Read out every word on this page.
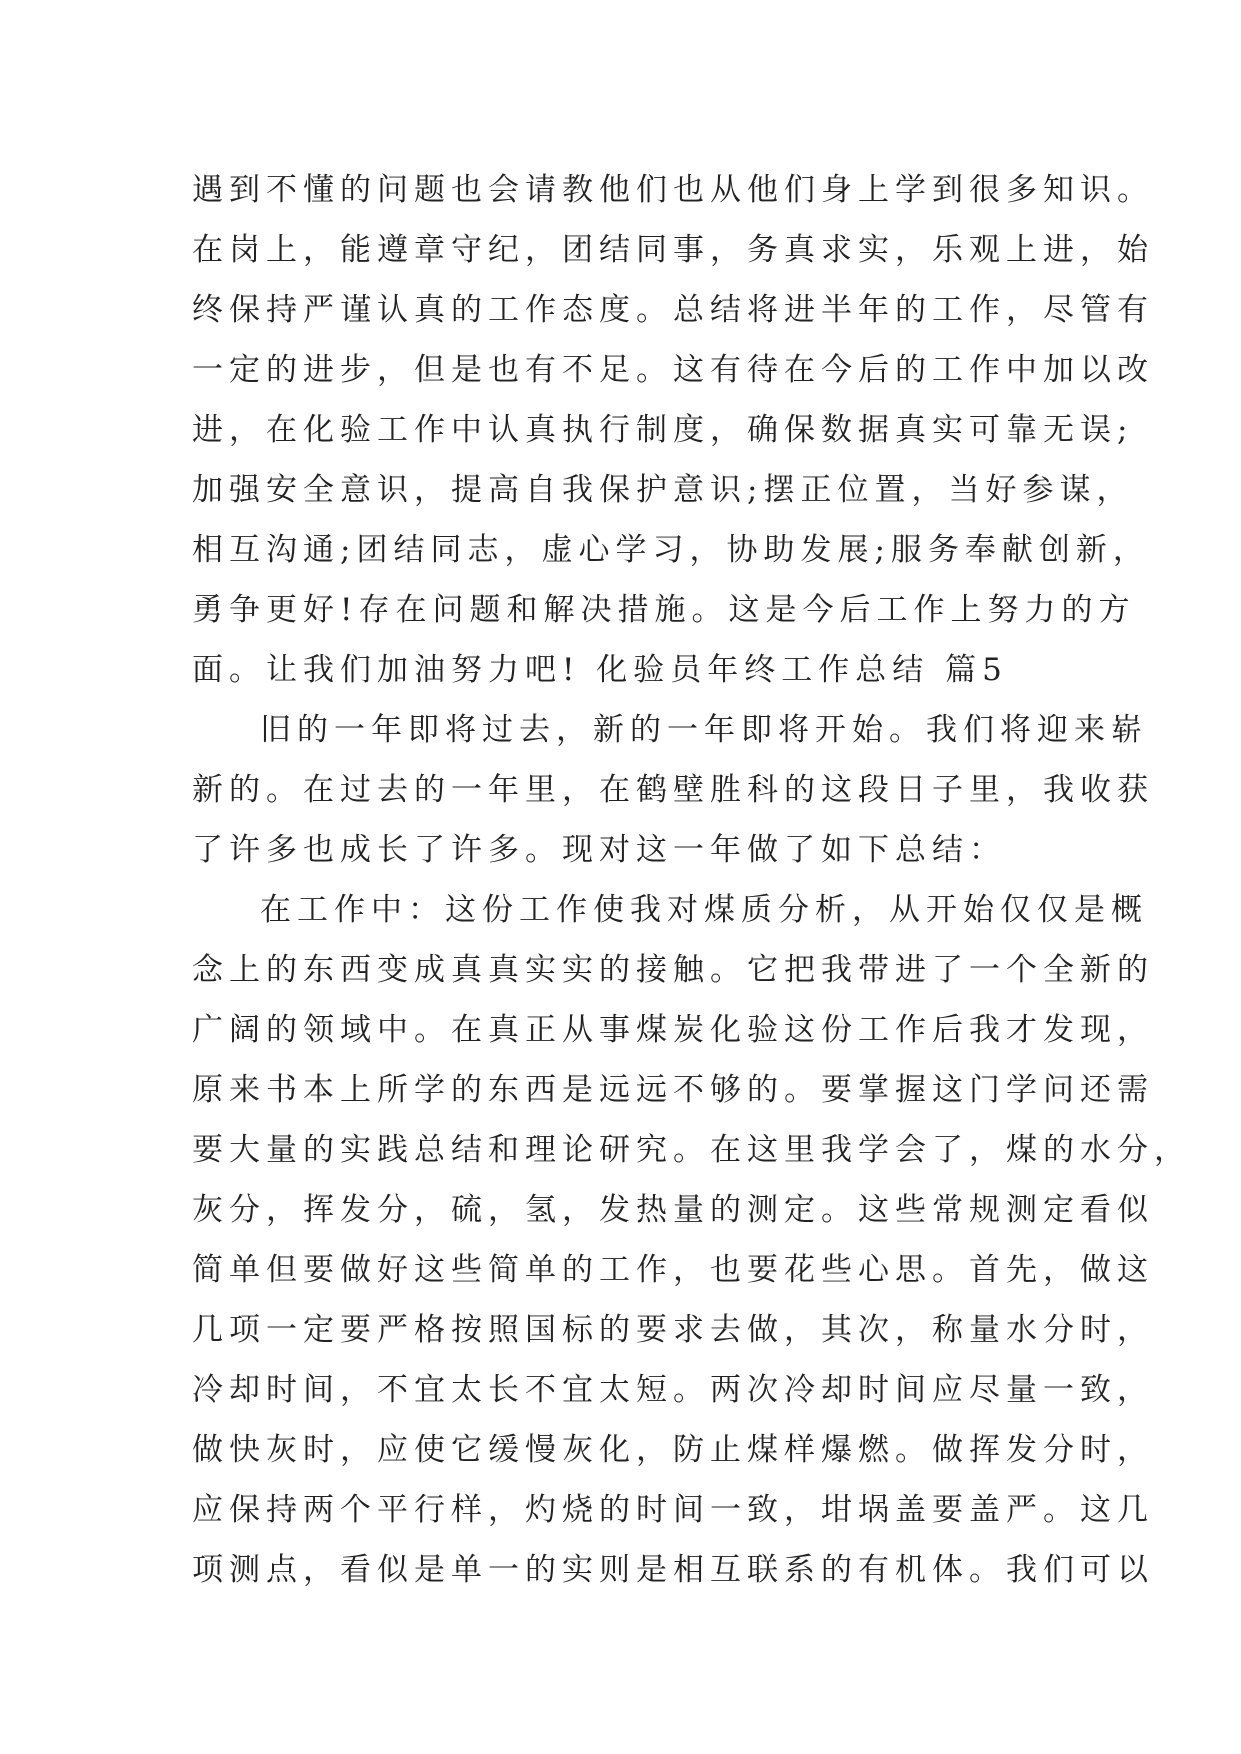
遇到不懂的问题也会请教他们也从他们身上学到很多知识。
在岗上，能遵章守纪，团结同事，务真求实，乐观上进，始
终保持严谨认真的工作态度。总结将进半年的工作，尽管有
一定的进步，但是也有不足。这有待在今后的工作中加以改
进，在化验工作中认真执行制度，确保数据真实可靠无误;
加强安全意识，提高自我保护意识;摆正位置，当好参谋，
相互沟通;团结同志，虚心学习，协助发展;服务奉献创新，
勇争更好!存在问题和解决措施。这是今后工作上努力的方
面。让我们加油努力吧! 化验员年终工作总结 篇5
旧的一年即将过去，新的一年即将开始。我们将迎来崭
新的。在过去的一年里，在鹤壁胜科的这段日子里，我收获
了许多也成长了许多。现对这一年做了如下总结：
在工作中：这份工作使我对煤质分析，从开始仅仅是概
念上的东西变成真真实实的接触。它把我带进了一个全新的
广阔的领域中。在真正从事煤炭化验这份工作后我才发现，
原来书本上所学的东西是远远不够的。要掌握这门学问还需
要大量的实践总结和理论研究。在这里我学会了，煤的水分，
灰分，挥发分，硫，氢，发热量的测定。这些常规测定看似
简单但要做好这些简单的工作，也要花些心思。首先，做这
几项一定要严格按照国标的要求去做，其次，称量水分时，
冷却时间，不宜太长不宜太短。两次冷却时间应尽量一致，
做快灰时，应使它缓慢灰化，防止煤样爆燃。做挥发分时，
应保持两个平行样，灼烧的时间一致，坩埚盖要盖严。这几
项测点，看似是单一的实则是相互联系的有机体。我们可以
